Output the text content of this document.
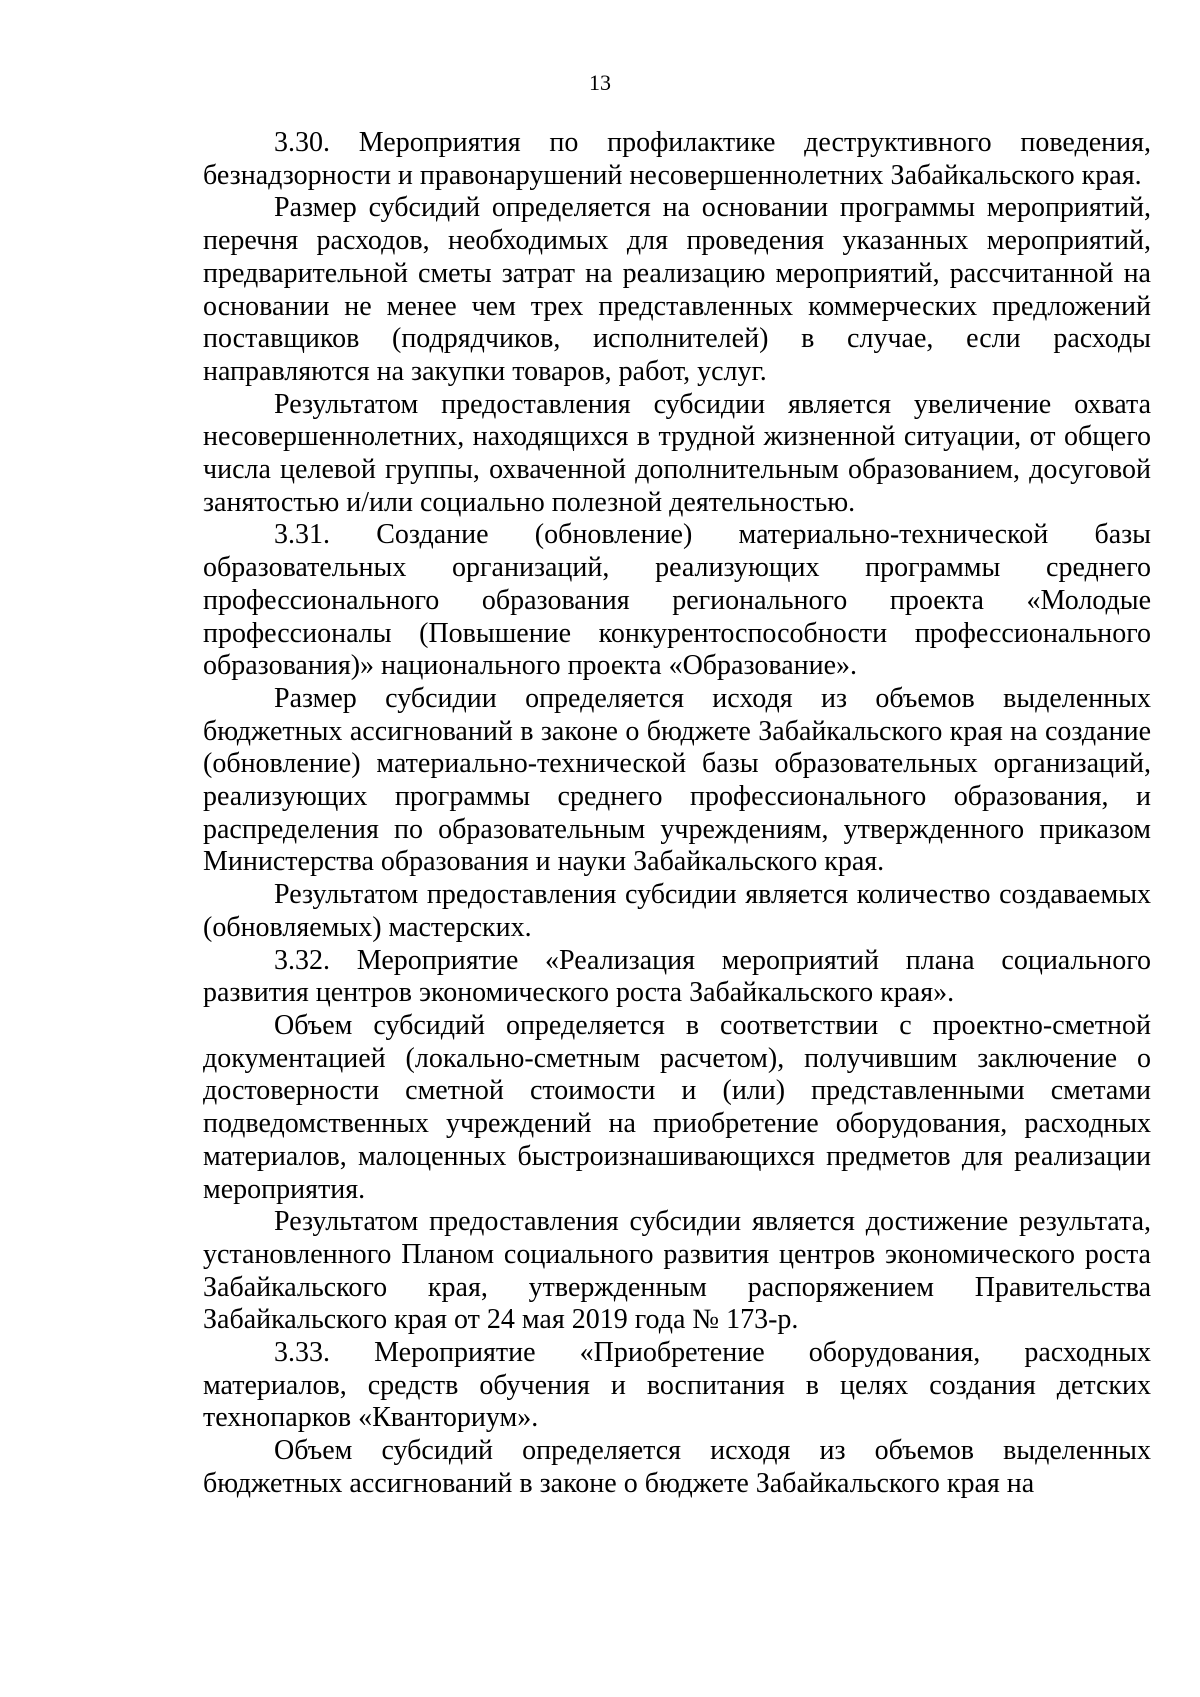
13

3.30. Мероприятия по профилактике деструктивного поведения, безнадзорности и правонарушений несовершеннолетних Забайкальского края.

Размер субсидий определяется на основании программы мероприятий, перечня расходов, необходимых для проведения указанных мероприятий, предварительной сметы затрат на реализацию мероприятий, рассчитанной на основании не менее чем трех представленных коммерческих предложений поставщиков (подрядчиков, исполнителей) в случае, если расходы направляются на закупки товаров, работ, услуг.

Результатом предоставления субсидии является увеличение охвата несовершеннолетних, находящихся в трудной жизненной ситуации, от общего числа целевой группы, охваченной дополнительным образованием, досуговой занятостью и/или социально полезной деятельностью.

3.31. Создание (обновление) материально-технической базы образовательных организаций, реализующих программы среднего профессионального образования регионального проекта «Молодые профессионалы (Повышение конкурентоспособности профессионального образования)» национального проекта «Образование».

Размер субсидии определяется исходя из объемов выделенных бюджетных ассигнований в законе о бюджете Забайкальского края на создание (обновление) материально-технической базы образовательных организаций, реализующих программы среднего профессионального образования, и распределения по образовательным учреждениям, утвержденного приказом Министерства образования и науки Забайкальского края.

Результатом предоставления субсидии является количество создаваемых (обновляемых) мастерских.

3.32. Мероприятие «Реализация мероприятий плана социального развития центров экономического роста Забайкальского края».

Объем субсидий определяется в соответствии с проектно-сметной документацией (локально-сметным расчетом), получившим заключение о достоверности сметной стоимости и (или) представленными сметами подведомственных учреждений на приобретение оборудования, расходных материалов, малоценных быстроизнашивающихся предметов для реализации мероприятия.

Результатом предоставления субсидии является достижение результата, установленного Планом социального развития центров экономического роста Забайкальского края, утвержденным распоряжением Правительства Забайкальского края от 24 мая 2019 года № 173-р.

3.33. Мероприятие «Приобретение оборудования, расходных материалов, средств обучения и воспитания в целях создания детских технопарков «Кванториум».

Объем субсидий определяется исходя из объемов выделенных бюджетных ассигнований в законе о бюджете Забайкальского края на
